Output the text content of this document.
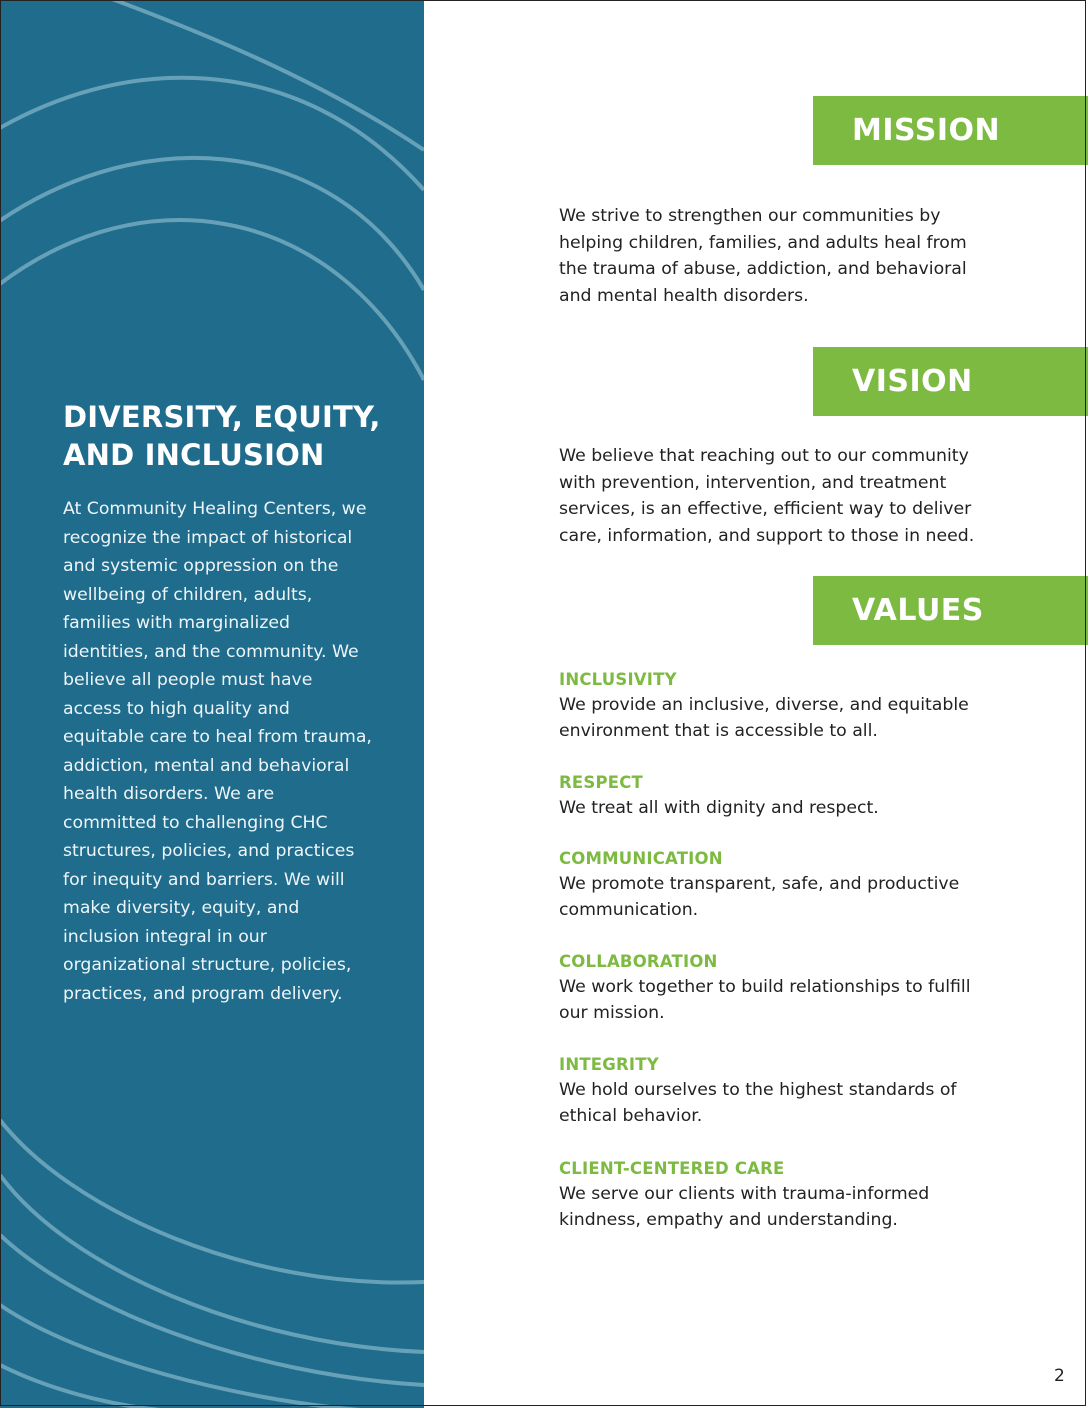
DIVERSITY, EQUITY,
AND INCLUSION

At Community Healing Centers, we recognize the impact of historical and systemic oppression on the wellbeing of children, adults, families with marginalized identities, and the community. We believe all people must have access to high quality and equitable care to heal from trauma, addiction, mental and behavioral health disorders. We are committed to challenging CHC structures, policies, and practices for inequity and barriers. We will make diversity, equity, and inclusion integral in our organizational structure, policies, practices, and program delivery.

MISSION

We strive to strengthen our communities by helping children, families, and adults heal from the trauma of abuse, addiction, and behavioral and mental health disorders.

VISION

We believe that reaching out to our community with prevention, intervention, and treatment services, is an effective, efficient way to deliver care, information, and support to those in need.

VALUES
INCLUSIVITY
We provide an inclusive, diverse, and equitable environment that is accessible to all.
RESPECT
We treat all with dignity and respect.
COMMUNICATION
We promote transparent, safe, and productive communication.
COLLABORATION
We work together to build relationships to fulfill our mission.
INTEGRITY
We hold ourselves to the highest standards of ethical behavior.
CLIENT-CENTERED CARE
We serve our clients with trauma-informed kindness, empathy and understanding.
2
